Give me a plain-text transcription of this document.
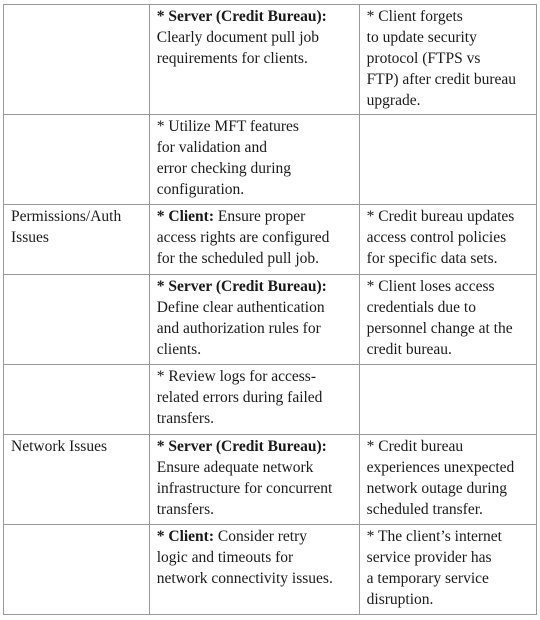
	* Server (Credit Bureau):
Clearly document pull job
requirements for clients.	* Client forgets
to update security
protocol (FTPS vs
FTP) after credit bureau
upgrade.

	* Utilize MFT features
for validation and
error checking during
configuration.	

Permissions/Auth Issues	* Client: Ensure proper
access rights are configured
for the scheduled pull job.	* Credit bureau updates
access control policies
for specific data sets.

	* Server (Credit Bureau):
Define clear authentication
and authorization rules for
clients.	* Client loses access
credentials due to
personnel change at the
credit bureau.

	* Review logs for access-
related errors during failed
transfers.	

Network Issues	* Server (Credit Bureau):
Ensure adequate network
infrastructure for concurrent
transfers.	* Credit bureau
experiences unexpected
network outage during
scheduled transfer.

	* Client: Consider retry
logic and timeouts for
network connectivity issues.	* The client’s internet
service provider has
a temporary service
disruption.
